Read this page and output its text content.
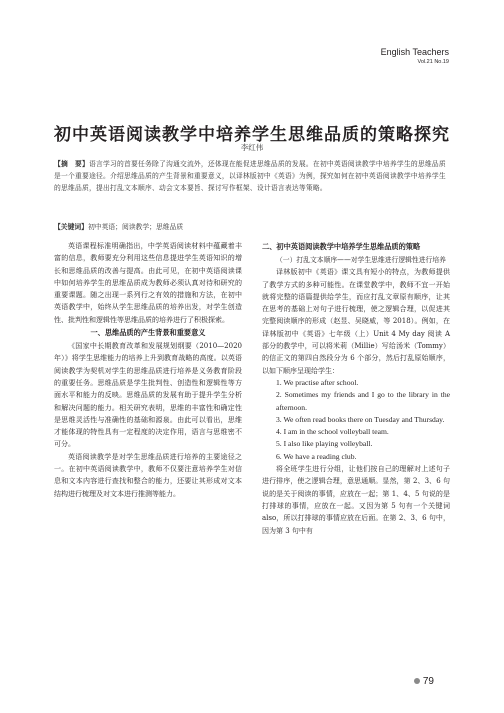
English Teachers
Vol.21 No.19
初中英语阅读教学中培养学生思维品质的策略探究
李红伟
【摘　要】语言学习的首要任务除了沟通交流外，还体现在能促进思维品质的发展。在初中英语阅读教学中培养学生的思维品质是一个重要途径。介绍思维品质的产生背景和重要意义，以译林版初中《英语》为例，探究如何在初中英语阅读教学中培养学生的思维品质，提出打乱文本顺序、动会文本要旨、探讨写作框架、设计语言表达等策略。
【关键词】初中英语；阅读教学；思维品质

英语课程标准明确指出，中学英语阅读材料中蕴藏着丰富的信息，教师要充分利用这些信息提进学生英语知识的增长和思维品质的改善与提高。由此可见，在初中英语阅读课中如何培养学生的思维品质成为教师必须认真对待和研究的重要课题。随之出现一系列行之有效的措施和方法，在初中英语教学中，始终从学生思维品质的培养出发，对学生创造性、批判性和逻辑性等思维品质的培养进行了积极探索。

一、思维品质的产生背景和重要意义

《国家中长期教育改革和发展规划纲要（2010—2020年）》将学生思维能力的培养上升到教育战略的高度。以英语阅读教学为契机对学生的思维品质进行培养是义务教育阶段的重要任务。思维品质是学生批判性、创造性和逻辑性等方面水平和能力的反映。思维品质的发展有助于提升学生分析和解决问题的能力。相关研究表明，思维的丰富性和确定性是思维灵活性与准确性的基础和源泉。由此可以看出，思维才能体现的特性具有一定程度的决定作用，语言与思维密不可分。

英语阅读教学是对学生思维品质进行培养的主要途径之一。在初中英语阅读教学中，教师不仅要注意培养学生对信息和文本内容进行查找和整合的能力，还要让其形成对文本结构进行梳理及对文本进行推测等能力。

二、初中英语阅读教学中培养学生思维品质的策略

（一）打乱文本顺序——对学生思维进行逻辑性进行培养

译林版初中《英语》课文具有短小的特点，为教师提供了教学方式的多种可能性。在课堂教学中，教师不宜一开始就将完整的语篇提供给学生，而应打乱文章原有顺序，让其在思考的基础上对句子进行梳理，使之逻辑合理，以促进其完整阅读顺序的形成（赵昱、吴晓威，等 2018）。例如，在译林版初中《英语》七年级（上）Unit 4 My day 阅读 A 部分的教学中，可以将米莉（Millie）写给汤米（Tommy）的信正文的第四自然段分为 6 个部分，然后打乱原始顺序，以如下顺序呈现给学生：

1. We practise after school.

2. Sometimes my friends and I go to the library in the afternoon.

3. We often read books there on Tuesday and Thursday.

4. I am in the school volleyball team.

5. I also like playing volleyball.

6. We have a reading club.

将全班学生进行分组，让他们按自己的理解对上述句子进行排序，使之逻辑合理，意思通顺。显然，第 2、3、6 句说的是关于阅读的事情，应放在一起；第 1、4、5 句说的是打排球的事情，应放在一起。又因为第 5 句有一个关键词 also，所以打排球的事情应放在后面。在第 2、3、6 句中，因为第 3 句中有

79
